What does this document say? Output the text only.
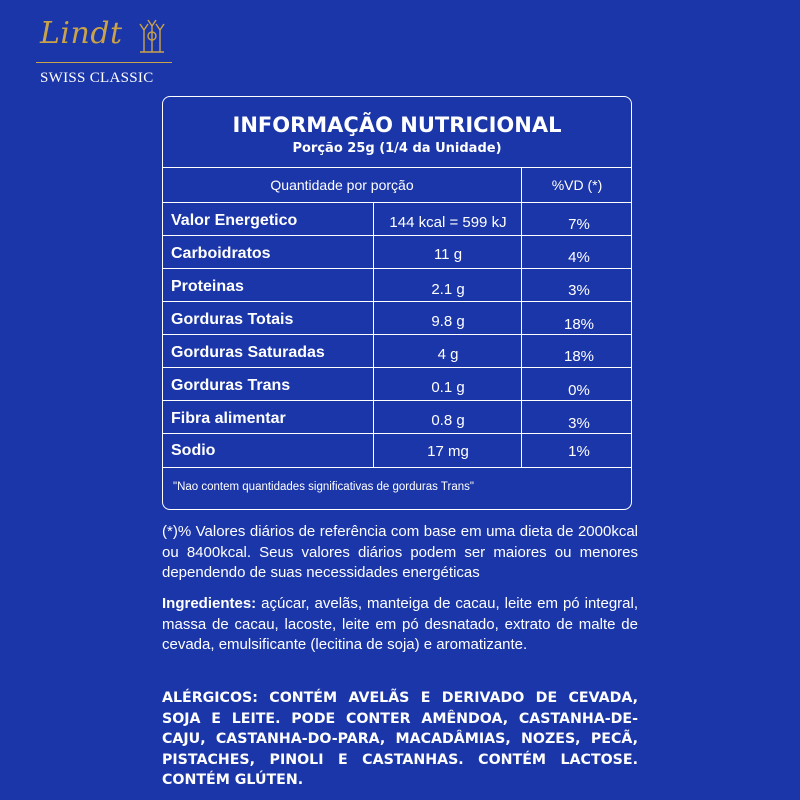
Lindt
SWISS CLASSIC
INFORMAÇÃO NUTRICIONAL
Porção 25g (1/4 da Unidade)
Quantidade por porção	%VD (*)
Valor Energetico	144 kcal = 599 kJ	7%
Carboidratos	11 g	4%
Proteinas	2.1 g	3%
Gorduras Totais	9.8 g	18%
Gorduras Saturadas	4 g	18%
Gorduras Trans	0.1 g	0%
Fibra alimentar	0.8 g	3%
Sodio	17 mg	1%
"Nao contem quantidades significativas de gorduras Trans"

(*)% Valores diários de referência com base em uma dieta de 2000kcal ou 8400kcal. Seus valores diários podem ser maiores ou menores dependendo de suas necessidades energéticas

Ingredientes: açúcar, avelãs, manteiga de cacau, leite em pó integral, massa de cacau, lacoste, leite em pó desnatado, extrato de malte de cevada, emulsificante (lecitina de soja) e aromatizante.

ALÉRGICOS: CONTÉM AVELÃS E DERIVADO DE CEVADA, SOJA E LEITE. PODE CONTER AMÊNDOA, CASTANHA-DE-CAJU, CASTANHA-DO-PARA, MACADÂMIAS, NOZES, PECÃ, PISTACHES, PINOLI E CASTANHAS. CONTÉM LACTOSE. CONTÉM GLÚTEN.
